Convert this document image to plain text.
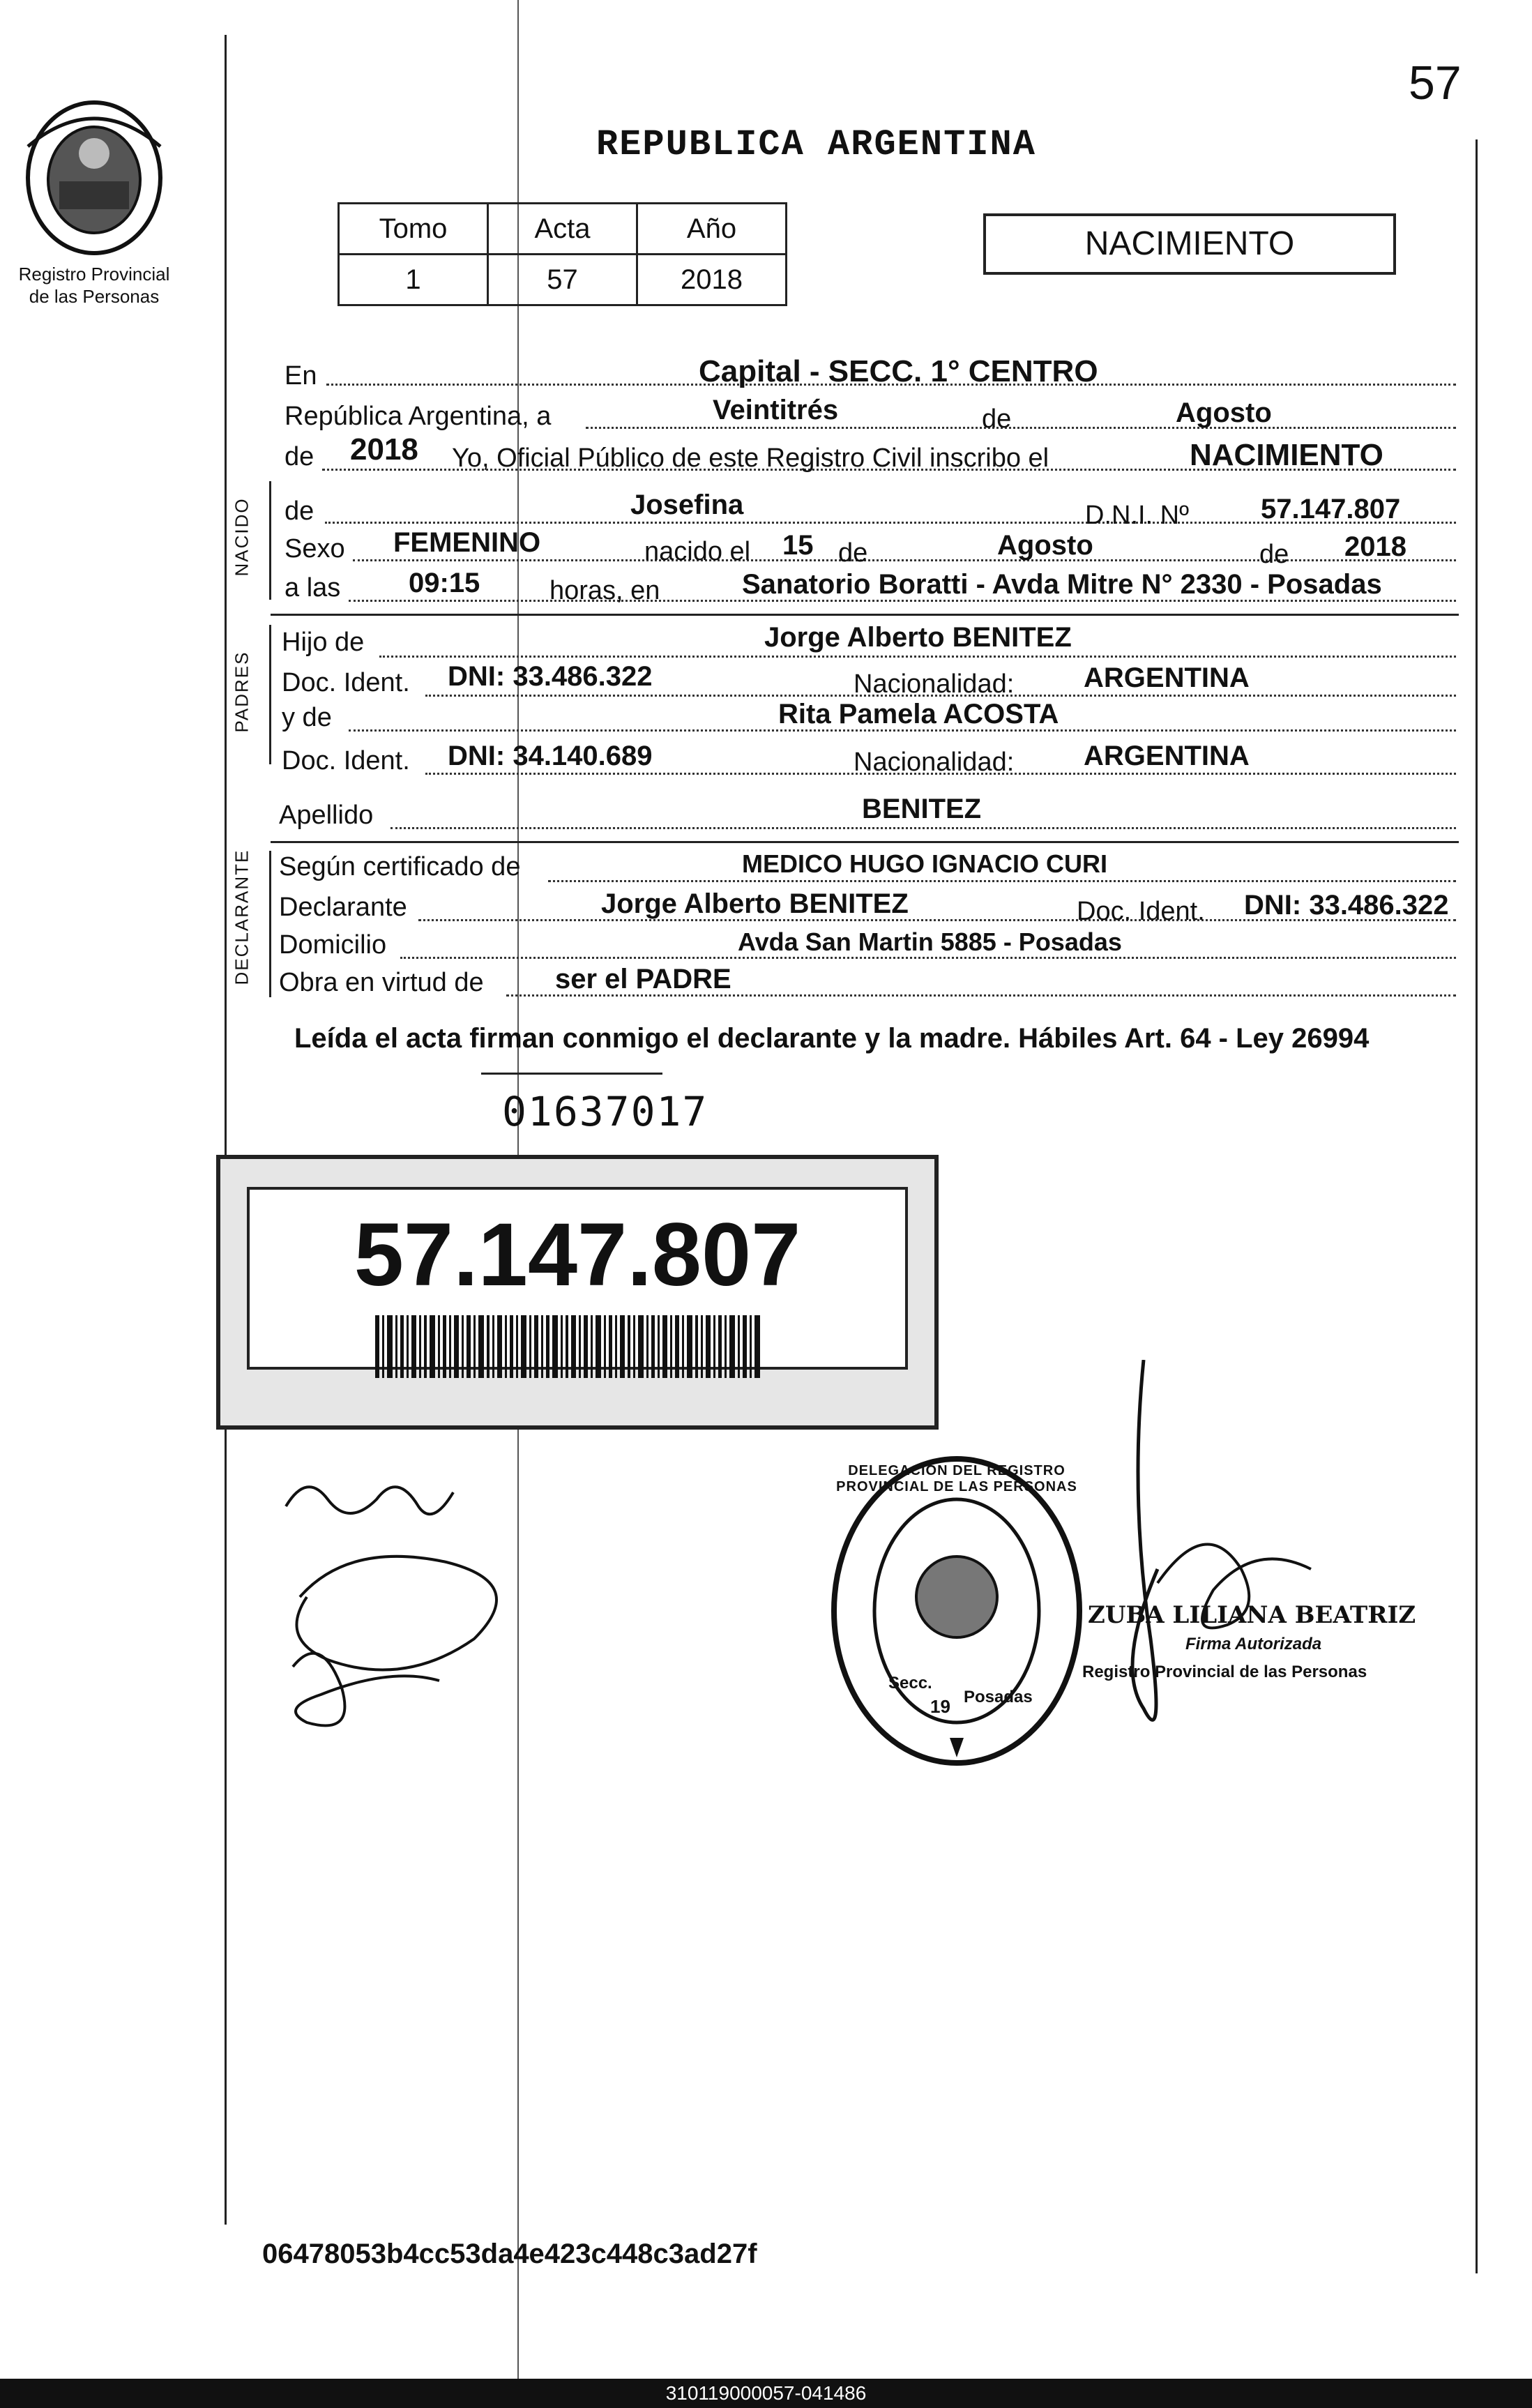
57
Registro Provincial
de las Personas
REPUBLICA ARGENTINA
Tomo	Acta	Año
1	57	2018
NACIMIENTO
En	Capital - SECC. 1° CENTRO
República Argentina, a	Veintitrés	de	Agosto
de 2018 Yo, Oficial Público de este Registro Civil inscribo el	NACIMIENTO
NACIDO de	Josefina	D.N.I. Nº	57.147.807
Sexo FEMENINO	nacido el 15 de	Agosto	de 2018
a las 09:15	horas, en	Sanatorio Boratti - Avda Mitre N° 2330 - Posadas
PADRES
Hijo de	Jorge Alberto BENITEZ
Doc. Ident. DNI: 33.486.322	Nacionalidad: ARGENTINA
y de	Rita Pamela ACOSTA
Doc. Ident. DNI: 34.140.689	Nacionalidad: ARGENTINA
Apellido	BENITEZ
DECLARANTE Según certificado de	MEDICO HUGO IGNACIO CURI
Declarante	Jorge Alberto BENITEZ	Doc. Ident. DNI: 33.486.322
Domicilio	Avda San Martin 5885 - Posadas
Obra en virtud de	ser el PADRE
Leída el acta firman conmigo el declarante y la madre. Hábiles Art. 64 - Ley 26994
01637017
57.147.807
DELEGACION DEL REGISTRO PROVINCIAL DE LAS PERSONAS
Secc.
19 Posadas
ZUBA LILIANA BEATRIZ
Firma Autorizada
Registro Provincial de las Personas
06478053b4cc53da4e423c448c3ad27f
310119000057-041486
